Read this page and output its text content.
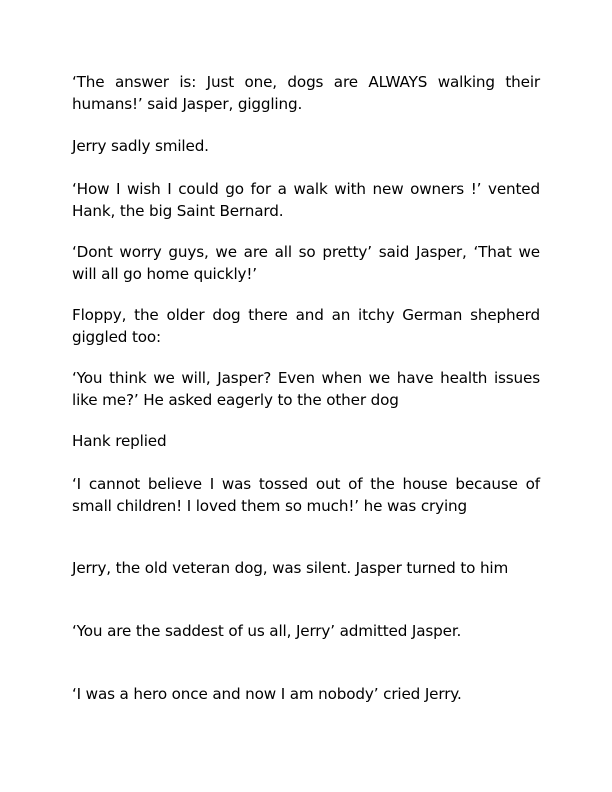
‘The answer is: Just one, dogs are ALWAYS walking their humans!’ said Jasper, giggling.

Jerry sadly smiled.

‘How I wish I could go for a walk with new owners !’ vented Hank, the big Saint Bernard.

‘Dont worry guys, we are all so pretty’ said Jasper, ‘That we will all go home quickly!’

Floppy, the older dog there and an itchy German shepherd giggled too:

‘You think we will, Jasper? Even when we have health issues like me?’ He asked eagerly to the other dog

Hank replied

‘I cannot believe I was tossed out of the house because of small children! I loved them so much!’ he was crying

Jerry, the old veteran dog, was silent. Jasper turned to him

‘You are the saddest of us all, Jerry’ admitted Jasper.

‘I was a hero once and now I am nobody’ cried Jerry.
